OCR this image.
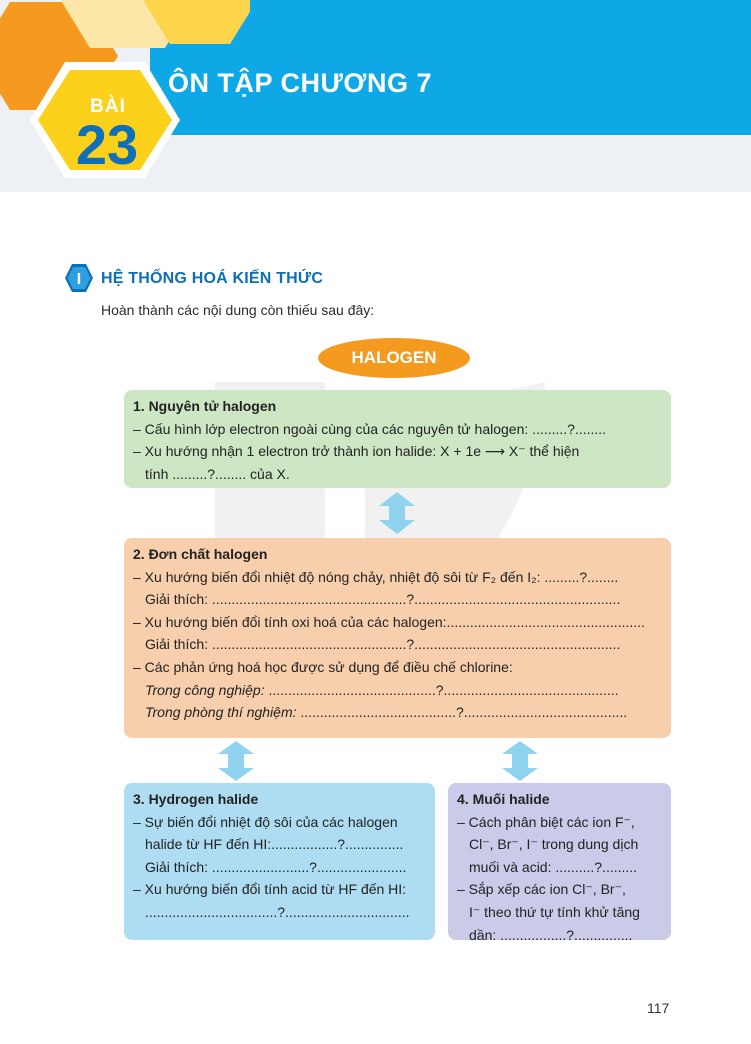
BÀI
23
ÔN TẬP CHƯƠNG 7
I HỆ THỐNG HOÁ KIẾN THỨC
Hoàn thành các nội dung còn thiếu sau đây:
HALOGEN
1. Nguyên tử halogen
– Cấu hình lớp electron ngoài cùng của các nguyên tử halogen: .........?........
– Xu hướng nhận 1 electron trở thành ion halide: X + 1e ⟶ X⁻ thể hiện
tính .........?........ của X.
2. Đơn chất halogen
– Xu hướng biến đổi nhiệt độ nóng chảy, nhiệt độ sôi từ F₂ đến I₂: .........?........
Giải thích: ..................................................?.....................................................
– Xu hướng biến đổi tính oxi hoá của các halogen:...................................................
Giải thích: ..................................................?.....................................................
– Các phản ứng hoá học được sử dụng để điều chế chlorine:
Trong công nghiệp: ...........................................?.............................................
Trong phòng thí nghiệm: ........................................?..........................................
3. Hydrogen halide
– Sự biến đổi nhiệt độ sôi của các halogen
halide từ HF đến HI:.................?...............
Giải thích: .........................?.......................
– Xu hướng biến đổi tính acid từ HF đến HI:
..................................?................................
4. Muối halide
– Cách phân biệt các ion F⁻,
Cl⁻, Br⁻, I⁻ trong dung dịch
muối và acid: ..........?.........
– Sắp xếp các ion Cl⁻, Br⁻,
I⁻ theo thứ tự tính khử tăng
dần: .................?...............
117
